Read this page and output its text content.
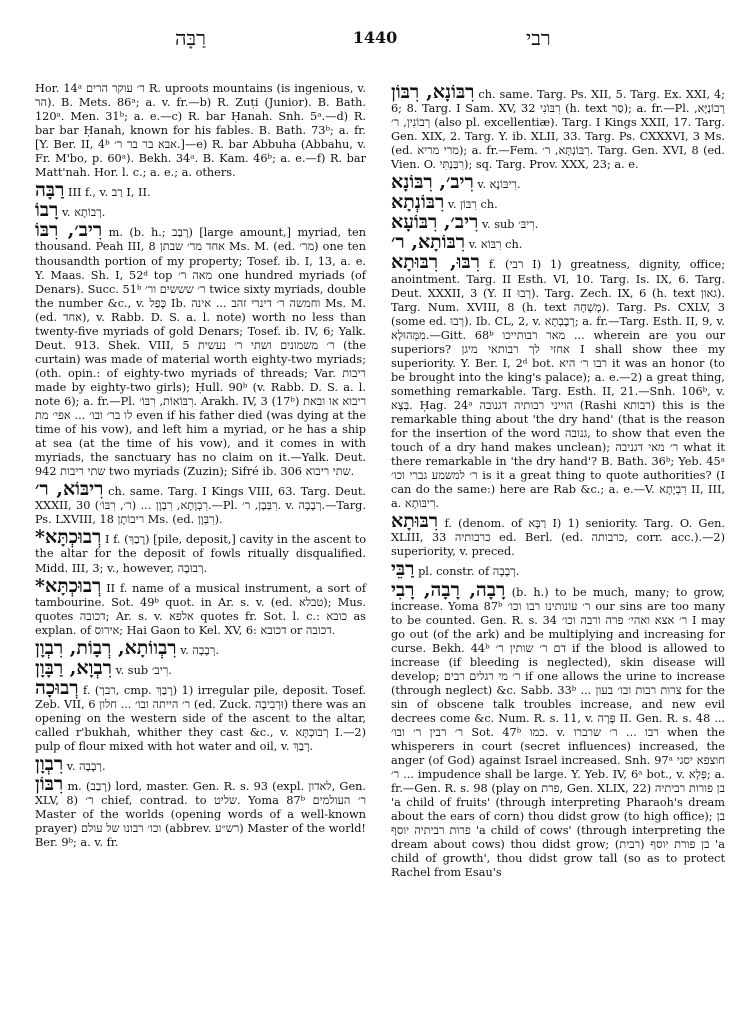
רַבָּה	1440	רבי

Hor. 14ᵃ ר׳ עוקר הרים R. uproots mountains (is ingenious, v. הר). B. Mets. 86ᵃ; a. v. fr.—b) R. Zuṭi (Junior). B. Bath. 120ᵃ. Men. 31ᵇ; a. e.—c) R. bar Ḥanah. Snh. 5ᵃ.—d) R. bar bar Ḥanah, known for his fables. B. Bath. 73ᵇ; a. fr. [Y. Ber. II, 4ᵇ אבא בר בר ר׳.]—e) R. bar Abbuha (Abbahu, v. Fr. M'bo, p. 60ᵃ). Bekh. 34ᵃ. B. Kam. 46ᵇ; a. e.—f) R. bar Matt'nah. Hor. l. c.; a. e.; a. others.

רַבָּה III f., v. רַב I, II.

רָבוֹ v. רְבוֹתָא.

רִיב׳, רִבּוֹ m. (b. h.; רָבַב) [large amount,] myriad, ten thousand. Peah III, 8 אחד מר׳ שבתן Ms. M. (ed. מר׳) one ten thousandth portion of my property; Tosef. ib. I, 13, a. e. Y. Maas. Sh. I, 52ᵈ top מאה ר׳ one hundred myriads (of Denars). Succ. 51ᵇ ר׳ שששים ור׳ twice sixty myriads, double the number &c., v. כָּפַל Ib. וחמשה ר׳ דינרי זהב ... אינה Ms. M. (ed. אחד), v. Rabb. D. S. a. l. note) worth no less than twenty-five myriads of gold Denars; Tosef. ib. IV, 6; Yalk. Deut. 913. Shek. VIII, 5 ר׳ משמונים ושתי ר׳ נעשית (the curtain) was made of material worth eighty-two myriads; (oth. opin.: of eighty-two myriads of threads; Var. ריבות made by eighty-two girls); Ḥull. 90ᵇ (v. Rabb. D. S. a. l. note 6); a. fr.—Pl. רִבּוֹאוֹת, רִבּוֹ׳. Arakh. IV, 3 (17ᵇ) ריבוא או ובאת לו בר׳ ובו׳ ... אפי׳ מת even if his father died (was dying at the time of his vow), and left him a myriad, or he has a ship at sea (at the time of his vow), and it comes in with myriads, the sanctuary has no claim on it.—Yalk. Deut. 942 שתי ריבות two myriads (Zuzin); Sifré ib. 306 שתי ריבוא.

רִיבּוֹא, ר׳ ch. same. Targ. I Kings VIII, 63. Targ. Deut. XXXII, 30 רִבְוָתָא, רִבְוָן ... (ר׳, רִבּוֹ׳).—Pl. רִבְּבָן, ר׳. v. רְבָבָה.—Targ. Ps. LXVIII, 18 ריבוֹתָן Ms. (ed. רִבְּוָן).

*רְבוּכְתָּא I f. (רָבַךְ) [pile, deposit,] cavity in the ascent to the altar for the deposit of fowls ritually disqualified. Midd. III, 3; v., however, רְבוּבָה.

*רְבוּכְתָּא II f. name of a musical instrument, a sort of tambourine. Sot. 49ᵇ quot. in Ar. s. v. (ed. טבלא); Mus. quotes דכובה; Ar. s. v. אלפא quotes fr. Sot. l. c.: כובא as explan. of אירוס; Hai Gaon to Kel. XV, 6: דכובא or דכובה.

רִבְווֹתָא, רְבָוֹת, רִבְוָן v. רְבָבָה.

רִבְוָא, רַבָּוָן v. sub רִיב׳.

רְבוּכָה f. (רבך, cmp. רָבַךְ) 1) irregular pile, deposit. Tosef. Zeb. VII, 6 ר׳ הייתה ובו׳ ... חלון (ed. Zuck. וּרְבִיבָה) there was an opening on the western side of the ascent to the altar, called r'bukhah, whither they cast &c., v. רְבוּכְתָּא I.—2) pulp of flour mixed with hot water and oil, v. רָבַךְ.

רִבְוָן v. רְבָבָה.

רִבּוֹן m. (רָבַב) lord, master. Gen. R. s. 93 (expl. לאדון, Gen. XLV, 8) ר׳ chief, contrad. to שליט. Yoma 87ᵇ ר׳ העולמים Master of the worlds (opening words of a well-known prayer) וכו׳ רבונו של עולם (abbrev. רש״ע) Master of the world! Ber. 9ᵇ; a. v. fr.

רִבּוֹנָא, רִבּוֹן ch. same. Targ. Ps. XII, 5. Targ. Ex. XXI, 4; 6; 8. Targ. I Sam. XV, 32 רִבּוֹנִי (h. text סַר); a. fr.—Pl. רְבוֹנַיָּא, רְבוֹנִין, ר׳ (also pl. excellentiæ). Targ. I Kings XXII, 17. Targ. Gen. XIX, 2. Targ. Y. ib. XLII, 33. Targ. Ps. CXXXVI, 3 Ms. (ed. מרי מריא); a. fr.—Fem. רִבּוֹנְתָּא, ר׳. Targ. Gen. XVI, 8 (ed. Vien. O. רִבַּנְתִּי); sq. Targ. Prov. XXX, 23; a. e.

רִיב׳, רִבּוֹנָא v. רִיבּוֹנָא.

רִבּוֹנְתָא v. רִבּוֹן ch.

רִיב׳, רִבּוֹעָא v. sub רִיבּ׳.

רִבּוֹתָא, ר׳ v. רִבּוֹא ch.

רִבּוּ, רִבּוּתָא f. (רבי I) 1) greatness, dignity, office; anointment. Targ. II Esth. VI, 10. Targ. Is. IX, 6. Targ. Deut. XXXII, 3 (Y. II רְבוּ). Targ. Zech. IX, 6 (h. text גאון). Targ. Num. XVIII, 8 (h. text מָשְׁחָה). Targ. Ps. CXLV, 3 (some ed. רְבוּ). Ib. CL, 2, v. רְבָבְתָא; a. fr.—Targ. Esth. II, 9, v. מִמְּהוּלָא.—Gitt. 68ᵇ מאר רבותייכו ... wherein are you our superiors? אחזי לך רבותאי מיגן I shall show thee my superiority. Y. Ber. I, 2ᵈ bot. רבו ר׳ היא it was an honor (to be brought into the king's palace); a. e.—2) a great thing, something remarkable. Targ. Esth. II, 21.—Snh. 106ᵇ, v. בְּצָא. Ḥag. 24ᵃ הוייני רבותיה דגנובה (Rashi רבותא) this is the remarkable thing about 'the dry hand' (that is the reason for the insertion of the word גנובה, to show that even the touch of a dry hand makes unclean); ר׳ מאי דגניבה what it there remarkable in 'the dry hand'? B. Bath. 36ᵇ; Yeb. 45ᵃ ר׳ למשמע גברי וכו׳ is it a great thing to quote authorities? (I can do the same:) here are Rab &c.; a. e.—V. רִבְיָתָא II, III, a. רִיבּוּתָא.

רִבּוּתָא f. (denom. of רַבָּא I) 1) seniority. Targ. O. Gen. XLIII, 33 כרבותיה ed. Berl. (ed. כרבותה, corr. acc.).—2) superiority, v. preced.

רַבֵּי pl. constr. of רְבָבָה.

רָבָה, רָבָה, רָבִי (b. h.) to be much, many; to grow, increase. Yoma 87ᵇ ר׳ עונותינו רבו וכו׳ our sins are too many to be counted. Gen. R. s. 34 ר׳ אצא ואהי׳ פרה ורבה וכו׳ I may go out (of the ark) and be multiplying and increasing for curse. Bekh. 44ᵇ דם ר׳ שותין ר׳ if the blood is allowed to increase (if bleeding is neglected), skin disease will develop; ר׳ מי רגלים רבים if one allows the urine to increase (through neglect) &c. Sabb. 33ᵇ ... צרות רבות ובו׳ בעון for the sin of obscene talk troubles increase, and new evil decrees come &c. Num. R. s. 11, v. פָּרָה II. Gen. R. s. 48 ... ר׳ רבין ר׳ ובו׳ Sot. 47ᵇ כמו. v. רבו ... ר׳ שרברו when the whisperers in court (secret influences) increased, the anger (of God) against Israel increased. Snh. 97ᵃ חוצפא יסגי ... ר׳ impudence shall be large. Y. Yeb. IV, 6ᵃ bot., v. פְּלָא; a. fr.—Gen. R. s. 98 (play on פרת, Gen. XLIX, 22) בן פורות רביתיה 'a child of fruits' (through interpreting Pharaoh's dream about the ears of corn) thou didst grow (to high office); בן פרות רביתיה יוסף 'a child of cows' (through interpreting the dream about cows) thou didst grow; בן פורת יוסף (רבית) 'a child of growth', thou didst grow tall (so as to protect Rachel from Esau's
